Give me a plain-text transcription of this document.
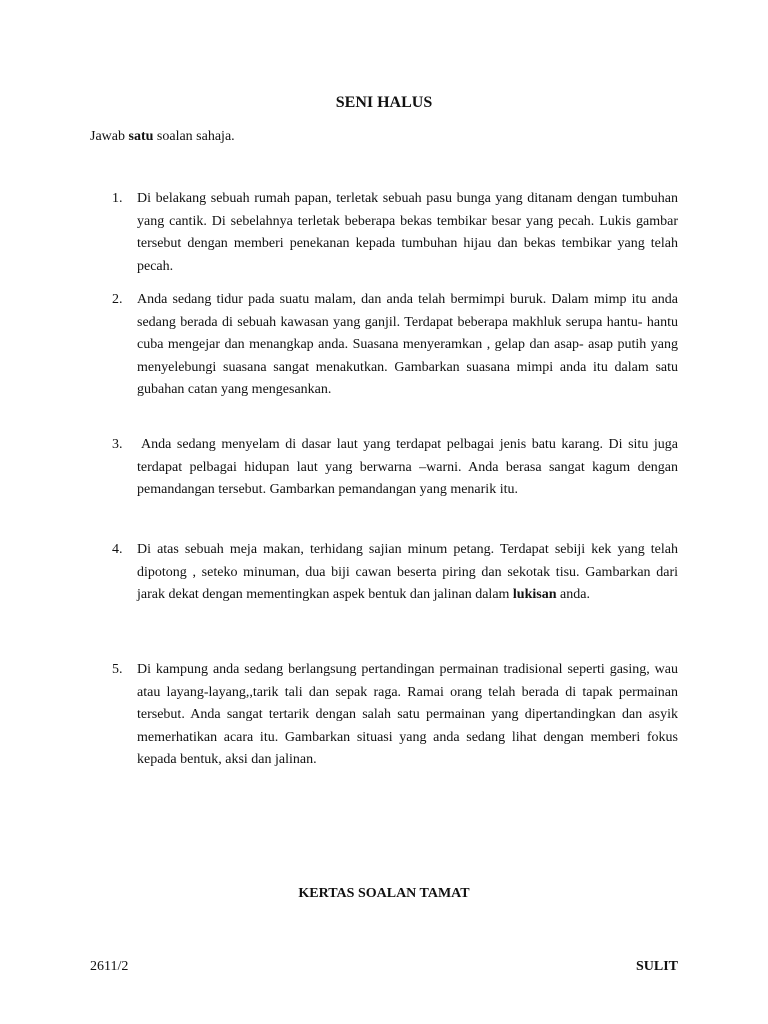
SENI HALUS
Jawab satu soalan sahaja.
1. Di belakang sebuah rumah papan, terletak sebuah pasu bunga yang ditanam dengan tumbuhan yang cantik. Di sebelahnya terletak beberapa bekas tembikar besar yang pecah. Lukis gambar tersebut dengan memberi penekanan kepada tumbuhan hijau dan bekas tembikar yang telah pecah.
2. Anda sedang tidur pada suatu malam, dan anda telah bermimpi buruk. Dalam mimp itu anda sedang berada di sebuah kawasan yang ganjil. Terdapat beberapa makhluk serupa hantu- hantu cuba mengejar dan menangkap anda. Suasana menyeramkan , gelap dan asap- asap putih yang menyelebungi suasana sangat menakutkan. Gambarkan suasana mimpi anda itu dalam satu gubahan catan yang mengesankan.
3. Anda sedang menyelam di dasar laut yang terdapat pelbagai jenis batu karang. Di situ juga terdapat pelbagai hidupan laut yang berwarna –warni. Anda berasa sangat kagum dengan pemandangan tersebut. Gambarkan pemandangan yang menarik itu.
4. Di atas sebuah meja makan, terhidang sajian minum petang. Terdapat sebiji kek yang telah dipotong , seteko minuman, dua biji cawan beserta piring dan sekotak tisu. Gambarkan dari jarak dekat dengan mementingkan aspek bentuk dan jalinan dalam lukisan anda.
5. Di kampung anda sedang berlangsung pertandingan permainan tradisional seperti gasing, wau atau layang-layang,,tarik tali dan sepak raga. Ramai orang telah berada di tapak permainan tersebut. Anda sangat tertarik dengan salah satu permainan yang dipertandingkan dan asyik memerhatikan acara itu. Gambarkan situasi yang anda sedang lihat dengan memberi fokus kepada bentuk, aksi dan jalinan.
KERTAS SOALAN TAMAT
2611/2	SULIT
